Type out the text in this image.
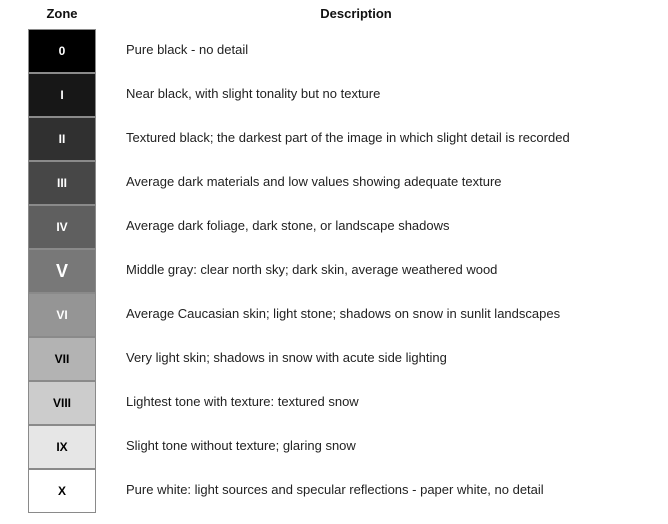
Zone	Description
0	Pure black - no detail
I	Near black, with slight tonality but no texture
II	Textured black; the darkest part of the image in which slight detail is recorded
III	Average dark materials and low values showing adequate texture
IV	Average dark foliage, dark stone, or landscape shadows
V	Middle gray: clear north sky; dark skin, average weathered wood
VI	Average Caucasian skin; light stone; shadows on snow in sunlit landscapes
VII	Very light skin; shadows in snow with acute side lighting
VIII	Lightest tone with texture: textured snow
IX	Slight tone without texture; glaring snow
X	Pure white: light sources and specular reflections - paper white, no detail
